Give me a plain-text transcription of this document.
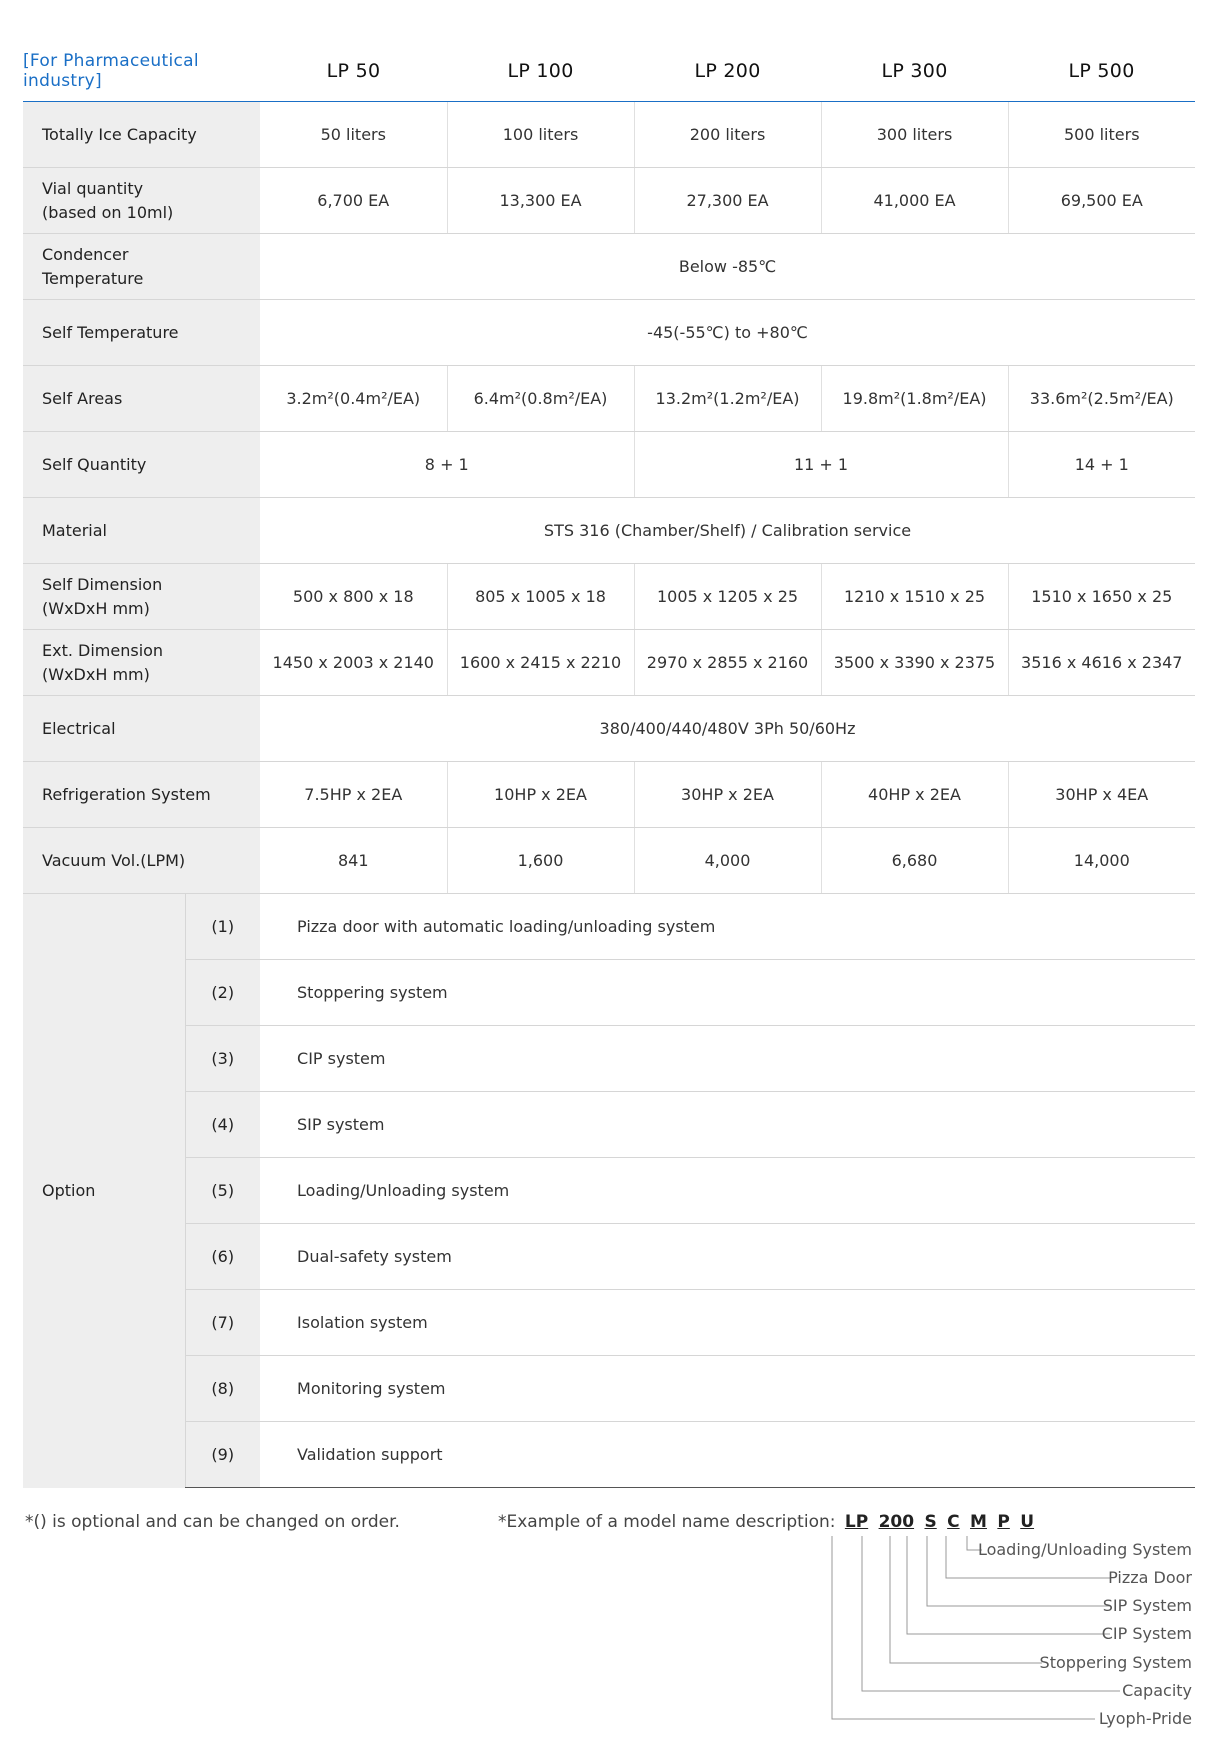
[For Pharmaceutical industry]		LP 50	LP 100	LP 200	LP 300	LP 500
Totally Ice Capacity		50 liters	100 liters	200 liters	300 liters	500 liters

Vial quantity
(based on 10ml)		6,700 EA	13,300 EA	27,300 EA	41,000 EA	69,500 EA

Condencer
Temperature		Below -85℃				
Self Temperature		-45(-55℃) to +80℃				
Self Areas		3.2m²(0.4m²/EA)	6.4m²(0.8m²/EA)	13.2m²(1.2m²/EA)	19.8m²(1.8m²/EA)	33.6m²(2.5m²/EA)
Self Quantity		8 + 1		11 + 1		14 + 1
Material		STS 316 (Chamber/Shelf) / Calibration service				

Self Dimension
(WxDxH mm)		500 x 800 x 18	805 x 1005 x 18	1005 x 1205 x 25	1210 x 1510 x 25	1510 x 1650 x 25

Ext. Dimension
(WxDxH mm)		1450 x 2003 x 2140	1600 x 2415 x 2210	2970 x 2855 x 2160	3500 x 3390 x 2375	3516 x 4616 x 2347
Electrical		380/400/440/480V 3Ph 50/60Hz				
Refrigeration System		7.5HP x 2EA	10HP x 2EA	30HP x 2EA	40HP x 2EA	30HP x 4EA
Vacuum Vol.(LPM)		841	1,600	4,000	6,680	14,000
Option	(1)	Pizza door with automatic loading/unloading system				
	(2)	Stoppering system				
	(3)	CIP system				
	(4)	SIP system				
	(5)	Loading/Unloading system				
	(6)	Dual-safety system				
	(7)	Isolation system				
	(8)	Monitoring system				
	(9)	Validation support				
*() is optional and can be changed on order.	*Example of a model name description: LP 200 S C M P U
Loading/Unloading System
Pizza Door
SIP System
CIP System
Stoppering System
Capacity
Lyoph-Pride
